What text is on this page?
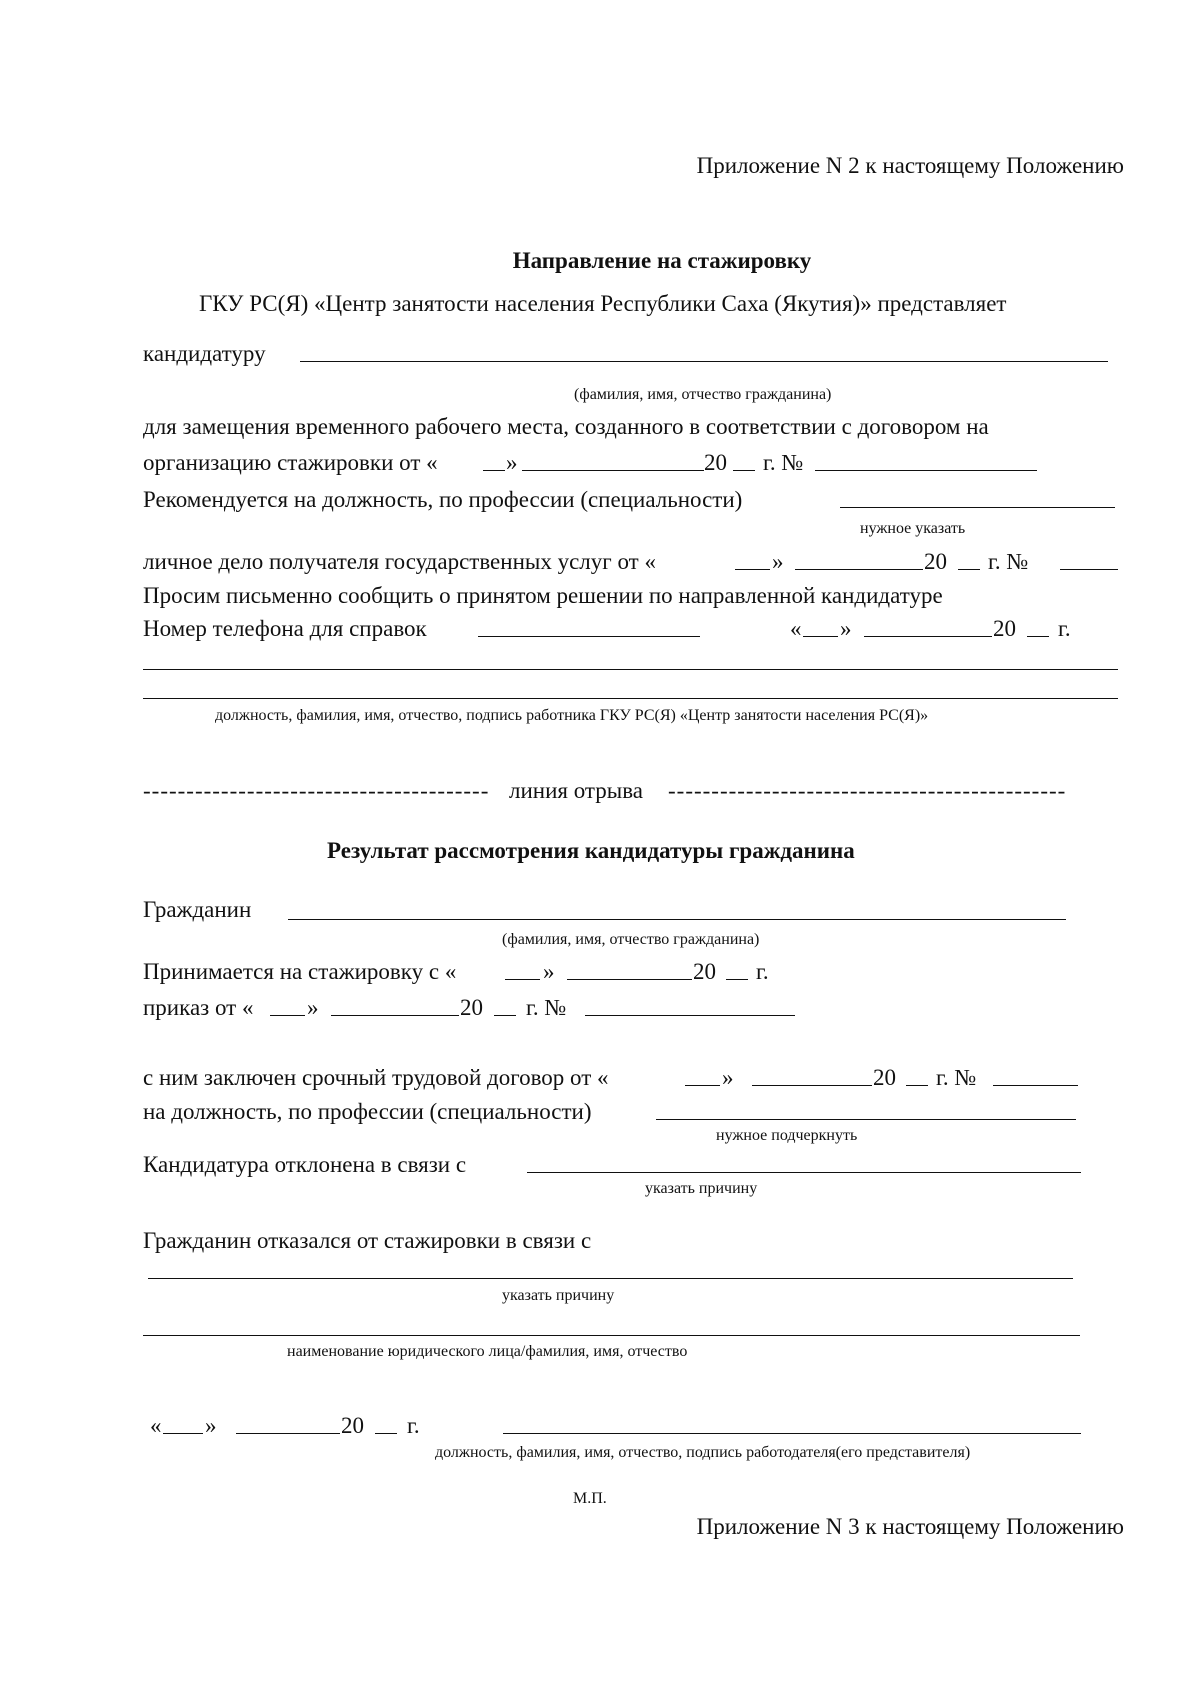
Приложение N 2 к настоящему Положению
Направление на стажировку
ГКУ РС(Я) «Центр занятости населения Республики Саха (Якутия)» представляет
кандидатуру
(фамилия, имя, отчество гражданина)
для замещения временного рабочего места, созданного в соответствии с договором на
организацию стажировки от «	»	20 г. №
Рекомендуется на должность, по профессии (специальности)
нужное указать
личное дело получателя государственных услуг от «	»	20 г. №
Просим письменно сообщить о принятом решении по направленной кандидатуре
Номер телефона для справок	« »	20 г.
должность, фамилия, имя, отчество, подпись работника ГКУ РС(Я) «Центр занятости населения РС(Я)»
---------------------------------------- линия отрыва ----------------------------------------------
Результат рассмотрения кандидатуры гражданина
Гражданин
(фамилия, имя, отчество гражданина)
Принимается на стажировку с «	»	20 г.
приказ от « »	20 г. №
с ним заключен срочный трудовой договор от «	»	20 г. №
на должность, по профессии (специальности)
нужное подчеркнуть
Кандидатура отклонена в связи с
указать причину
Гражданин отказался от стажировки в связи с
указать причину
наименование юридического лица/фамилия, имя, отчество
« »	20 г.
должность, фамилия, имя, отчество, подпись работодателя(его представителя)
М.П.
Приложение N 3 к настоящему Положению
